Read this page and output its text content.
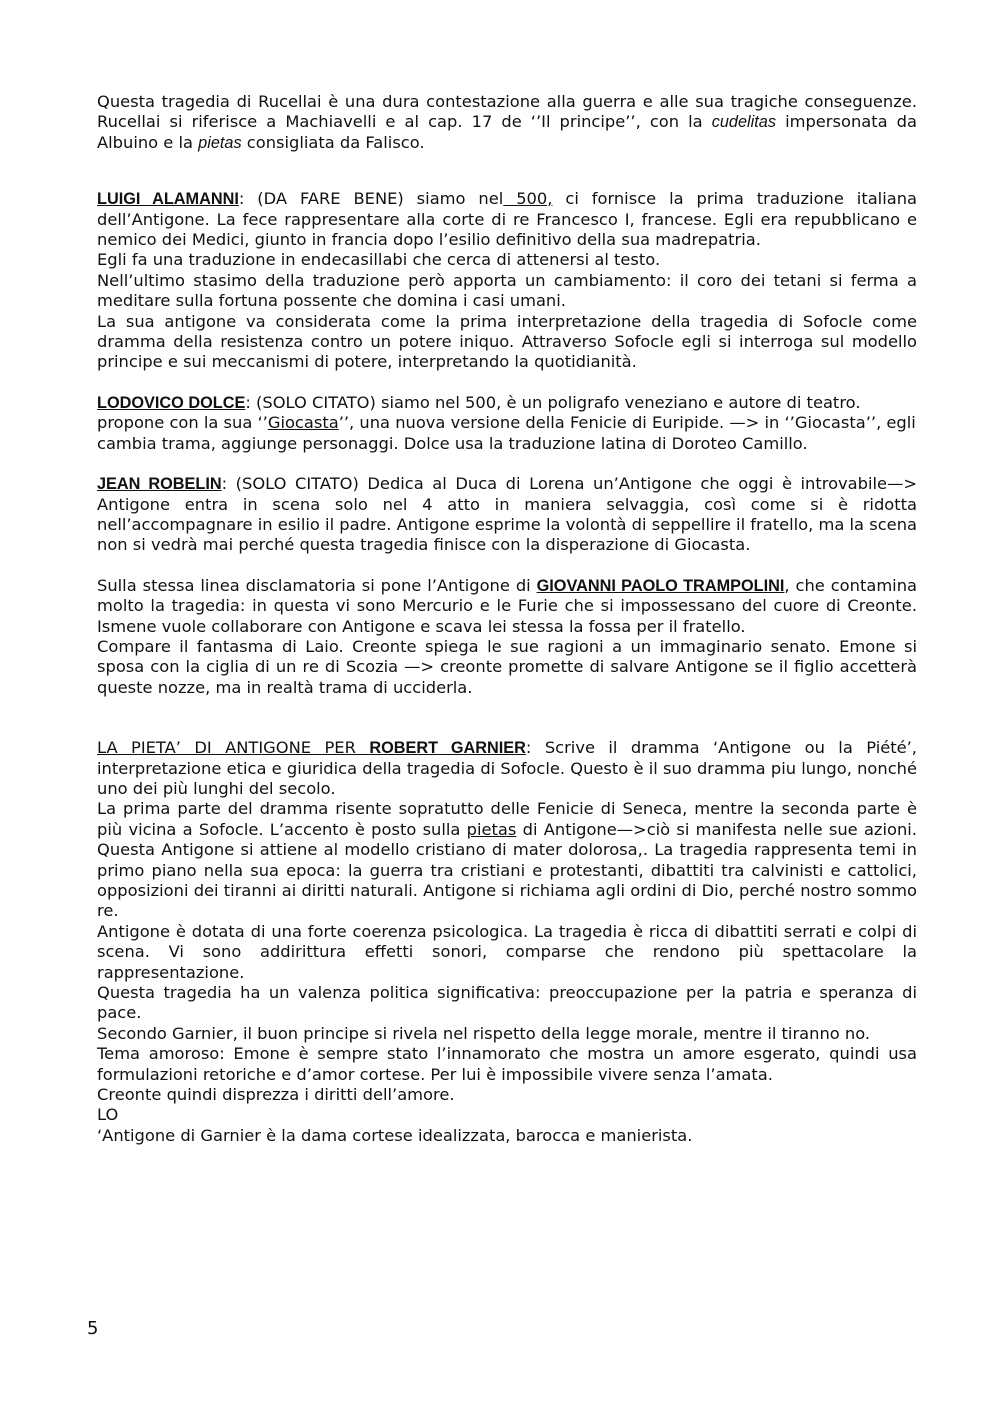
Questa tragedia di Rucellai è una dura contestazione alla guerra e alle sua tragiche conseguenze. Rucellai si riferisce a Machiavelli e al cap. 17 de ‘’Il principe’’, con la cudelitas impersonata da Albuino e la pietas consigliata da Falisco.

LUIGI ALAMANNI: (DA FARE BENE) siamo nel 500, ci fornisce la prima traduzione italiana dell’Antigone. La fece rappresentare alla corte di re Francesco I, francese. Egli era repubblicano e nemico dei Medici, giunto in francia dopo l’esilio definitivo della sua madrepatria.

Egli fa una traduzione in endecasillabi che cerca di attenersi al testo.

Nell’ultimo stasimo della traduzione però apporta un cambiamento: il coro dei tetani si ferma a meditare sulla fortuna possente che domina i casi umani.

La sua antigone va considerata come la prima interpretazione della tragedia di Sofocle come dramma della resistenza contro un potere iniquo. Attraverso Sofocle egli si interroga sul modello principe e sui meccanismi di potere, interpretando la quotidianità.

LODOVICO DOLCE: (SOLO CITATO) siamo nel 500, è un poligrafo veneziano e autore di teatro. propone con la sua ‘’Giocasta’’, una nuova versione della Fenicie di Euripide. —> in ‘’Giocasta’’, egli cambia trama, aggiunge personaggi. Dolce usa la traduzione latina di Doroteo Camillo.

JEAN ROBELIN: (SOLO CITATO) Dedica al Duca di Lorena un’Antigone che oggi è introvabile—> Antigone entra in scena solo nel 4 atto in maniera selvaggia, così come si è ridotta nell’accompagnare in esilio il padre. Antigone esprime la volontà di seppellire il fratello, ma la scena non si vedrà mai perché questa tragedia finisce con la disperazione di Giocasta.

Sulla stessa linea disclamatoria si pone l’Antigone di GIOVANNI PAOLO TRAMPOLINI, che contamina molto la tragedia: in questa vi sono Mercurio e le Furie che si impossessano del cuore di Creonte. Ismene vuole collaborare con Antigone e scava lei stessa la fossa per il fratello.

Compare il fantasma di Laio. Creonte spiega le sue ragioni a un immaginario senato. Emone si sposa con la ciglia di un re di Scozia —> creonte promette di salvare Antigone se il figlio accetterà queste nozze, ma in realtà trama di ucciderla.

LA PIETA’ DI ANTIGONE PER ROBERT GARNIER: Scrive il dramma ‘Antigone ou la Piété’, interpretazione etica e giuridica della tragedia di Sofocle. Questo è il suo dramma piu lungo, nonché uno dei più lunghi del secolo.

La prima parte del dramma risente sopratutto delle Fenicie di Seneca, mentre la seconda parte è più vicina a Sofocle. L’accento è posto sulla pietas di Antigone—>ciò si manifesta nelle sue azioni. Questa Antigone si attiene al modello cristiano di mater dolorosa,. La tragedia rappresenta temi in primo piano nella sua epoca: la guerra tra cristiani e protestanti, dibattiti tra calvinisti e cattolici, opposizioni dei tiranni ai diritti naturali. Antigone si richiama agli ordini di Dio, perché nostro sommo re.

Antigone è dotata di una forte coerenza psicologica. La tragedia è ricca di dibattiti serrati e colpi di scena. Vi sono addirittura effetti sonori, comparse che rendono più spettacolare la rappresentazione.

Questa tragedia ha un valenza politica significativa: preoccupazione per la patria e speranza di pace.

Secondo Garnier, il buon principe si rivela nel rispetto della legge morale, mentre il tiranno no.

Tema amoroso: Emone è sempre stato l’innamorato che mostra un amore esgerato, quindi usa formulazioni retoriche e d’amor cortese. Per lui è impossibile vivere senza l’amata.

Creonte quindi disprezza i diritti dell’amore.

LO

‘Antigone di Garnier è la dama cortese idealizzata, barocca e manierista.

5
